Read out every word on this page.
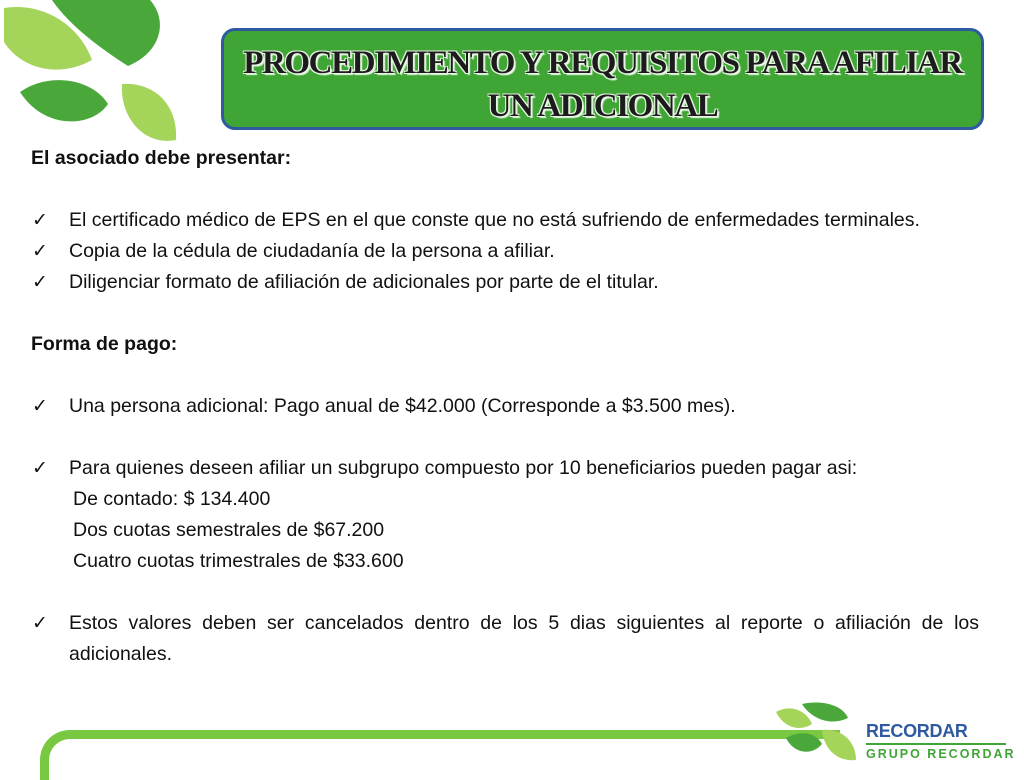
PROCEDIMIENTO Y REQUISITOS PARA AFILIAR
UN ADICIONAL

El asociado debe presentar:

✓ El certificado médico de EPS en el que conste que no está sufriendo de enfermedades terminales.
✓ Copia de la cédula de ciudadanía de la persona a afiliar.
✓ Diligenciar formato de afiliación de adicionales por parte de el titular.

Forma de pago:

✓ Una persona adicional: Pago anual de $42.000 (Corresponde a $3.500 mes).
✓ Para quienes deseen afiliar un subgrupo compuesto por 10 beneficiarios pueden pagar asi:
De contado: $ 134.400
Dos cuotas semestrales de $67.200
Cuatro cuotas trimestrales de $33.600
✓ Estos valores deben ser cancelados dentro de los 5 dias siguientes al reporte o afiliación de los adicionales.
RECORDAR
GRUPO RECORDAR
